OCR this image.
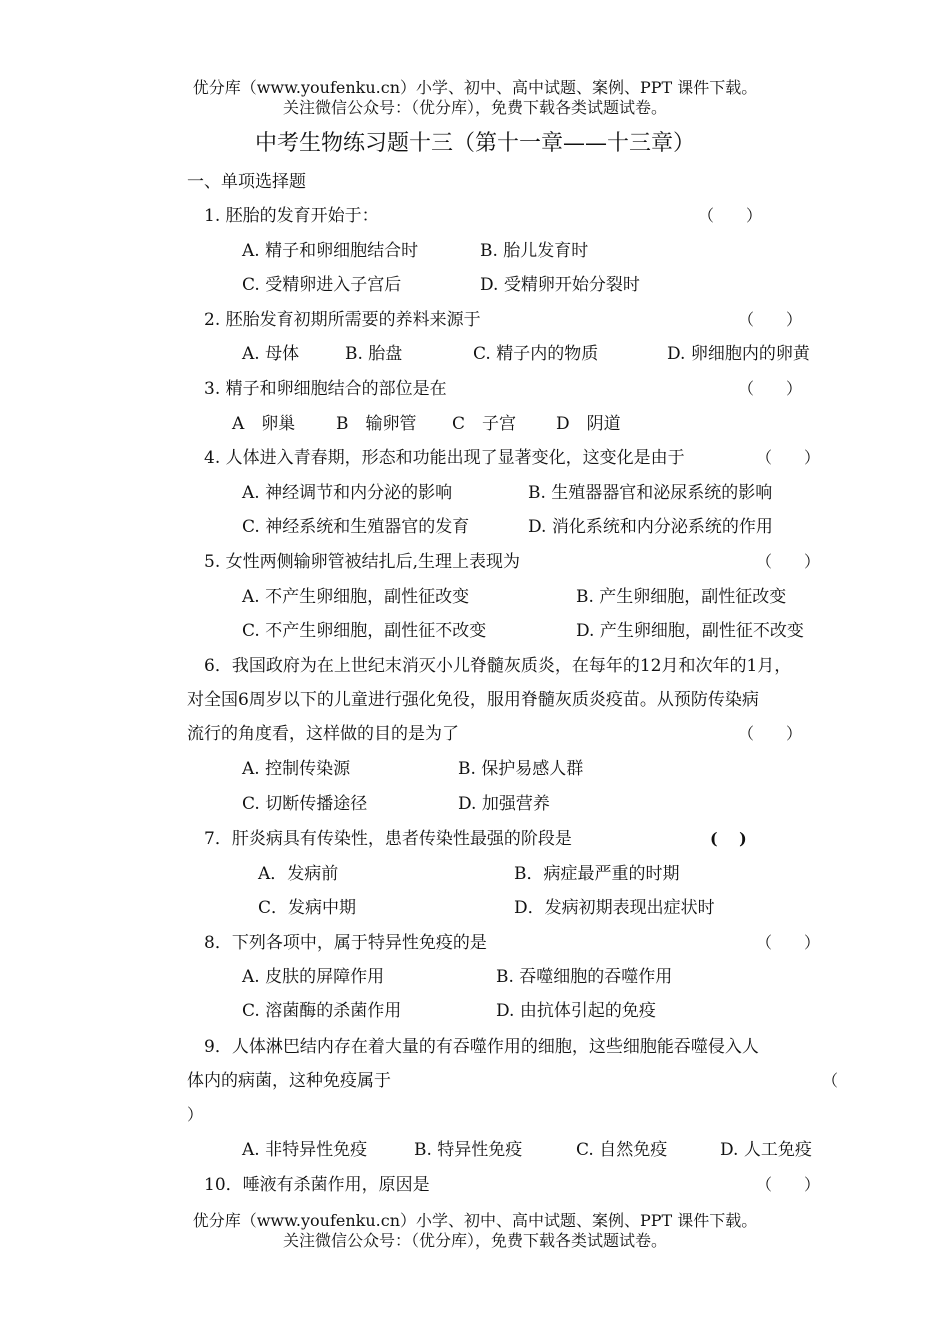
优分库（www.youfenku.cn）小学、初中、高中试题、案例、PPT 课件下载。
关注微信公众号：（优分库），免费下载各类试题试卷。
中考生物练习题十三（第十一章——十三章）
一、单项选择题
1. 胚胎的发育开始于：	（　　）
A. 精子和卵细胞结合时	B. 胎儿发育时
C. 受精卵进入子宫后	D. 受精卵开始分裂时
2. 胚胎发育初期所需要的养料来源于	（　　）
A. 母体	B. 胎盘	C. 精子内的物质	D. 卵细胞内的卵黄
3. 精子和卵细胞结合的部位是在	（　　）
A　卵巢 B　输卵管 C　子宫 D　阴道
4. 人体进入青春期，形态和功能出现了显著变化，这变化是由于	（　　）
A. 神经调节和内分泌的影响	B. 生殖器器官和泌尿系统的影响
C. 神经系统和生殖器官的发育	D. 消化系统和内分泌系统的作用
5. 女性两侧输卵管被结扎后,生理上表现为	（　　）
A. 不产生卵细胞，副性征改变	B. 产生卵细胞，副性征改变
C. 不产生卵细胞，副性征不改变	D. 产生卵细胞，副性征不改变
6．我国政府为在上世纪末消灭小儿脊髓灰质炎，在每年的12月和次年的1月，
对全国6周岁以下的儿童进行强化免役，服用脊髓灰质炎疫苗。从预防传染病
流行的角度看，这样做的目的是为了	（　　）
A. 控制传染源	B. 保护易感人群
C. 切断传播途径	D. 加强营养
7．肝炎病具有传染性，患者传染性最强的阶段是	(　 )
A．发病前	B．病症最严重的时期
C．发病中期	D．发病初期表现出症状时
8．下列各项中，属于特异性免疫的是	（　　）
A. 皮肤的屏障作用	B. 吞噬细胞的吞噬作用
C. 溶菌酶的杀菌作用	D. 由抗体引起的免疫
9．人体淋巴结内存在着大量的有吞噬作用的细胞，这些细胞能吞噬侵入人
体内的病菌，这种免疫属于	（
）
A. 非特异性免疫	B. 特异性免疫	C. 自然免疫	D. 人工免疫
10．唾液有杀菌作用，原因是	（　　）
优分库（www.youfenku.cn）小学、初中、高中试题、案例、PPT 课件下载。
关注微信公众号：（优分库），免费下载各类试题试卷。
